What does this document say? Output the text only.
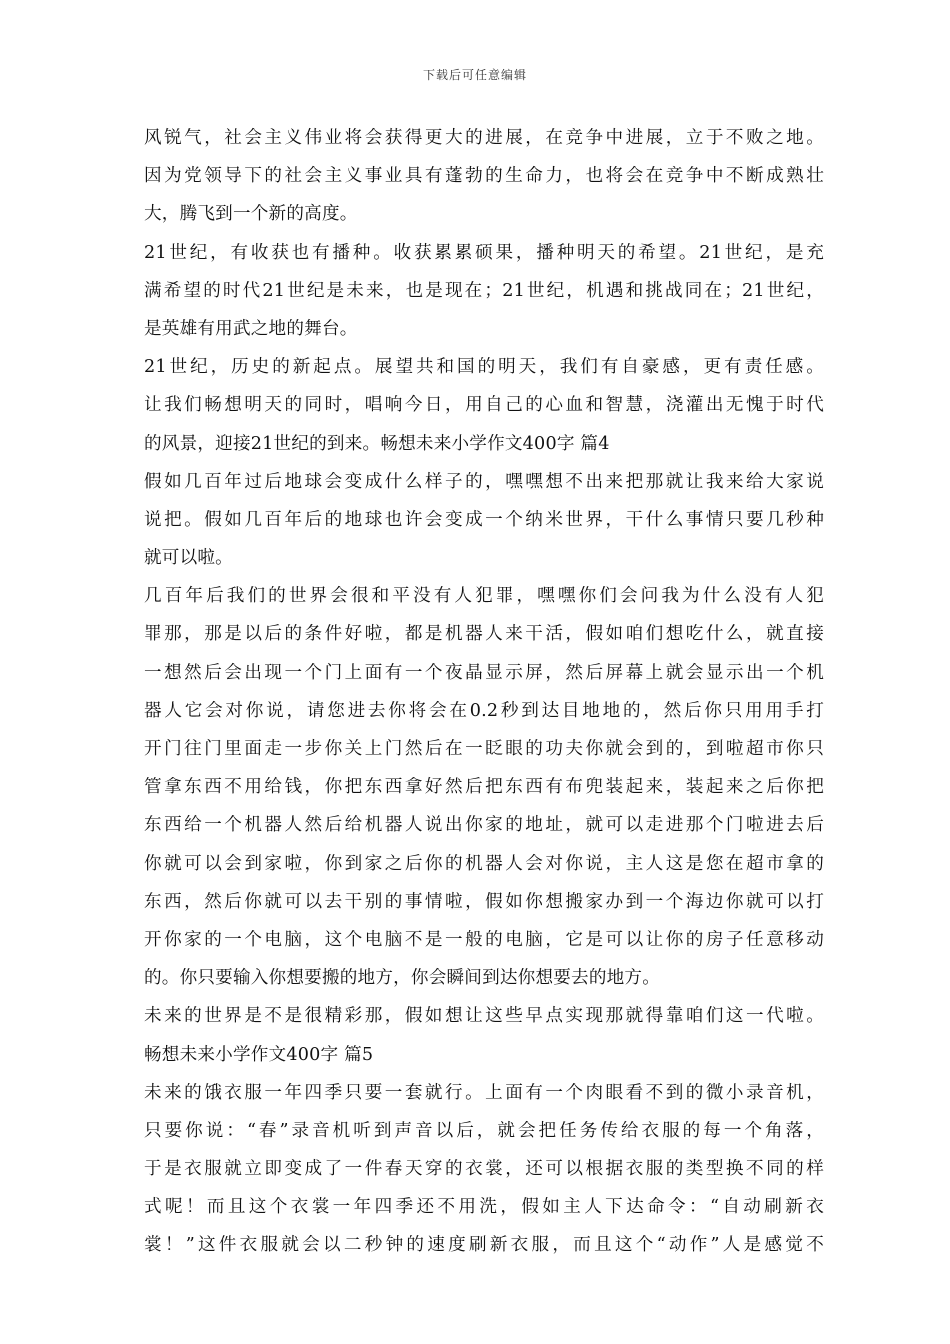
下载后可任意编辑
风锐气，社会主义伟业将会获得更大的进展，在竞争中进展，立于不败之地。
因为党领导下的社会主义事业具有蓬勃的生命力，也将会在竞争中不断成熟壮
大，腾飞到一个新的高度。
21世纪，有收获也有播种。收获累累硕果，播种明天的希望。21世纪，是充
满希望的时代21世纪是未来，也是现在；21世纪，机遇和挑战同在；21世纪，
是英雄有用武之地的舞台。
21世纪，历史的新起点。展望共和国的明天，我们有自豪感，更有责任感。
让我们畅想明天的同时，唱响今日，用自己的心血和智慧，浇灌出无愧于时代
的风景，迎接21世纪的到来。畅想未来小学作文400字 篇4
假如几百年过后地球会变成什么样子的，嘿嘿想不出来把那就让我来给大家说
说把。假如几百年后的地球也许会变成一个纳米世界，干什么事情只要几秒种
就可以啦。
几百年后我们的世界会很和平没有人犯罪，嘿嘿你们会问我为什么没有人犯
罪那，那是以后的条件好啦，都是机器人来干活，假如咱们想吃什么，就直接
一想然后会出现一个门上面有一个夜晶显示屏，然后屏幕上就会显示出一个机
器人它会对你说，请您进去你将会在0.2秒到达目地地的，然后你只用用手打
开门往门里面走一步你关上门然后在一眨眼的功夫你就会到的，到啦超市你只
管拿东西不用给钱，你把东西拿好然后把东西有布兜装起来，装起来之后你把
东西给一个机器人然后给机器人说出你家的地址，就可以走进那个门啦进去后
你就可以会到家啦，你到家之后你的机器人会对你说，主人这是您在超市拿的
东西，然后你就可以去干别的事情啦，假如你想搬家办到一个海边你就可以打
开你家的一个电脑，这个电脑不是一般的电脑，它是可以让你的房子任意移动
的。你只要输入你想要搬的地方，你会瞬间到达你想要去的地方。
未来的世界是不是很精彩那，假如想让这些早点实现那就得靠咱们这一代啦。
畅想未来小学作文400字 篇5
未来的饿衣服一年四季只要一套就行。上面有一个肉眼看不到的微小录音机，
只要你说：“春”录音机听到声音以后，就会把任务传给衣服的每一个角落，
于是衣服就立即变成了一件春天穿的衣裳，还可以根据衣服的类型换不同的样
式呢！而且这个衣裳一年四季还不用洗，假如主人下达命令：“自动刷新衣
裳！”这件衣服就会以二秒钟的速度刷新衣服，而且这个“动作”人是感觉不
